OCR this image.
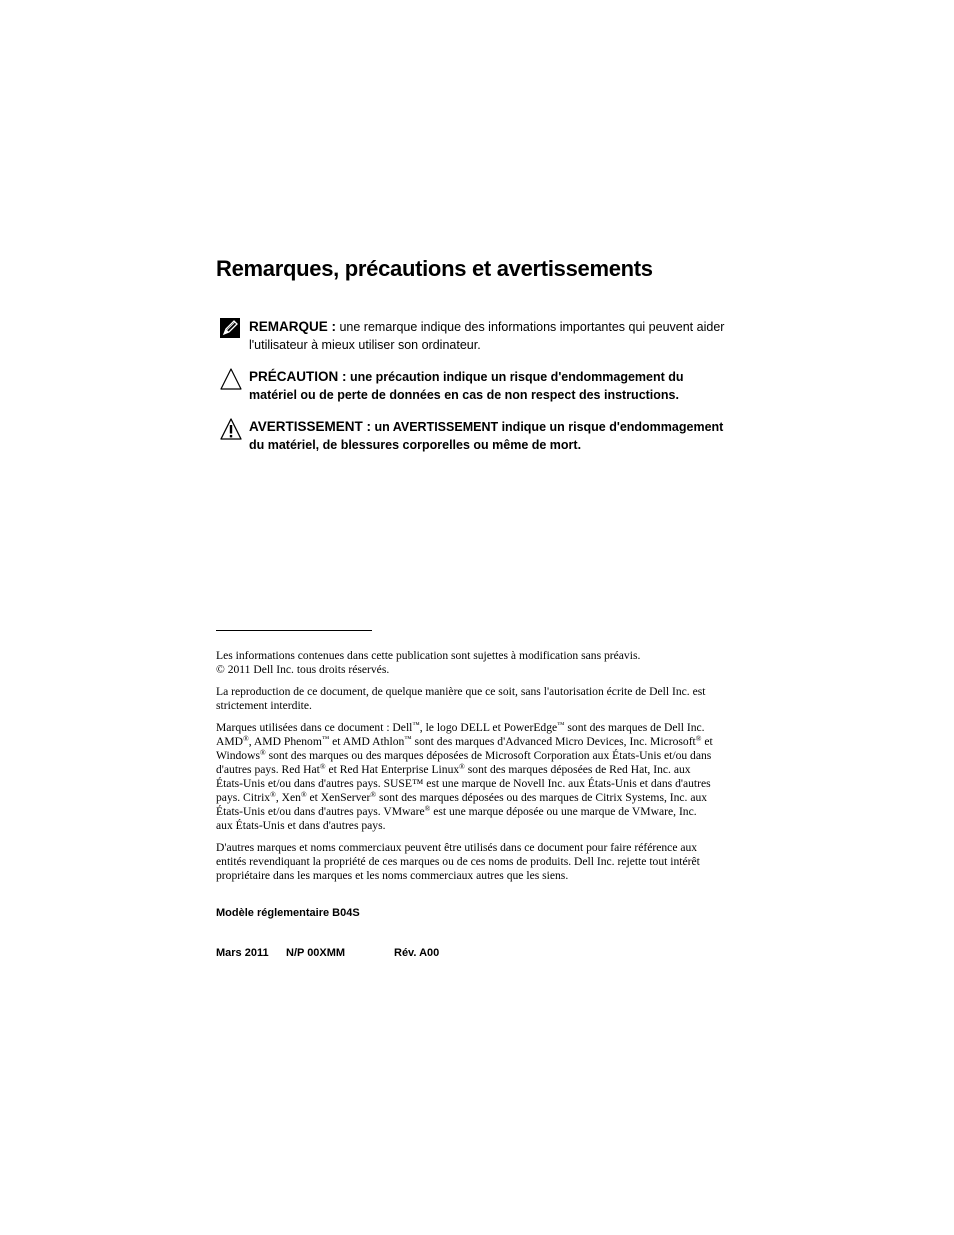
Remarques, précautions et avertissements
REMARQUE : une remarque indique des informations importantes qui peuvent aider l'utilisateur à mieux utiliser son ordinateur.
PRÉCAUTION : une précaution indique un risque d'endommagement du matériel ou de perte de données en cas de non respect des instructions.
AVERTISSEMENT : un AVERTISSEMENT indique un risque d'endommagement du matériel, de blessures corporelles ou même de mort.
Les informations contenues dans cette publication sont sujettes à modification sans préavis.
© 2011 Dell Inc. tous droits réservés.

La reproduction de ce document, de quelque manière que ce soit, sans l'autorisation écrite de Dell Inc. est strictement interdite.

Marques utilisées dans ce document : Dell™, le logo DELL et PowerEdge™ sont des marques de Dell Inc. AMD®, AMD Phenom™ et AMD Athlon™ sont des marques d'Advanced Micro Devices, Inc. Microsoft® et Windows® sont des marques ou des marques déposées de Microsoft Corporation aux États-Unis et/ou dans d'autres pays. Red Hat® et Red Hat Enterprise Linux® sont des marques déposées de Red Hat, Inc. aux États-Unis et/ou dans d'autres pays. SUSE™ est une marque de Novell Inc. aux États-Unis et dans d'autres pays. Citrix®, Xen® et XenServer® sont des marques déposées ou des marques de Citrix Systems, Inc. aux États-Unis et/ou dans d'autres pays. VMware® est une marque déposée ou une marque de VMware, Inc. aux États-Unis et dans d'autres pays.

D'autres marques et noms commerciaux peuvent être utilisés dans ce document pour faire référence aux entités revendiquant la propriété de ces marques ou de ces noms de produits. Dell Inc. rejette tout intérêt propriétaire dans les marques et les noms commerciaux autres que les siens.

Modèle réglementaire B04S
Mars 2011 N/P 00XMM	Rév. A00
